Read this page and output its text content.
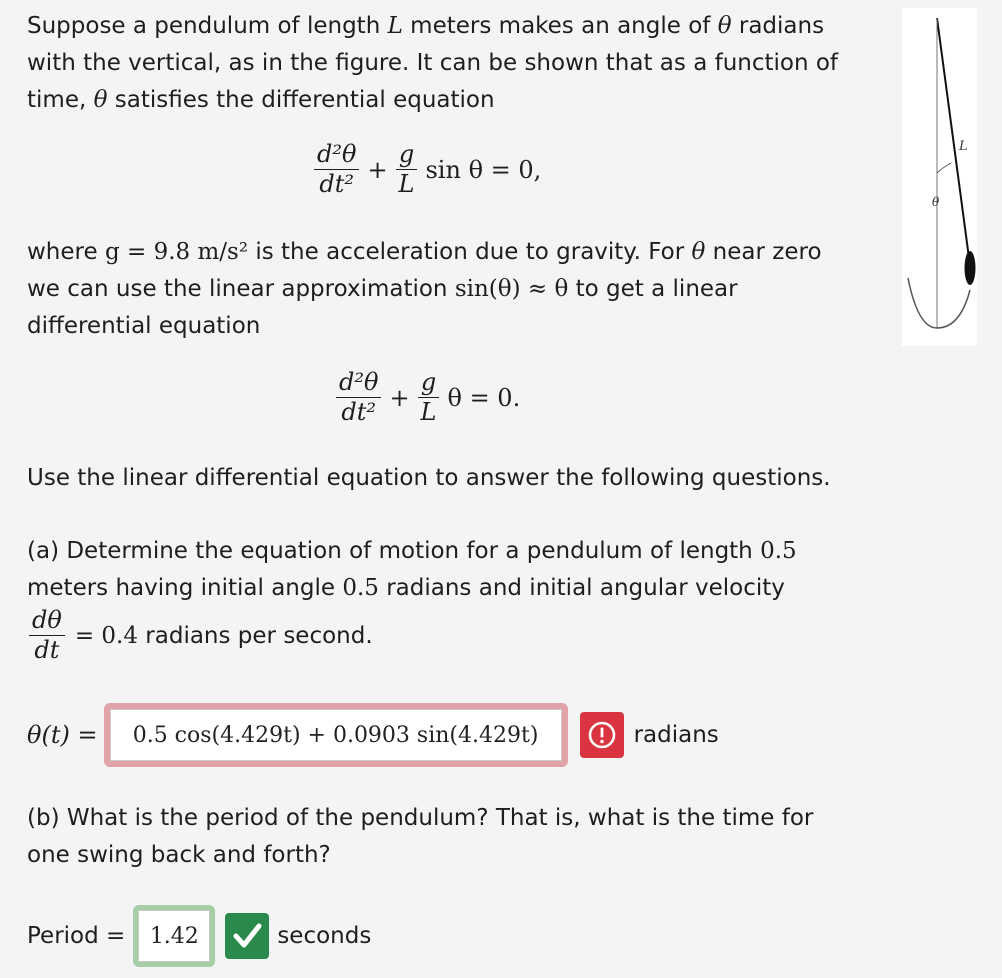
Suppose a pendulum of length L meters makes an angle of θ radians with the vertical, as in the figure. It can be shown that as a function of time, θ satisfies the differential equation

$\frac{\text{d²θ}}{\text{dt²}} + \frac{g}{L}$ sin θ = 0,

where g = 9.8 m/s² is the acceleration due to gravity. For θ near zero we can use the linear approximation sin(θ) ≈ θ to get a linear differential equation

$\frac{\text{d²θ}}{\text{dt²}} + \frac{g}{L}$ θ = 0.

Use the linear differential equation to answer the following questions.

(a) Determine the equation of motion for a pendulum of length 0.5 meters having initial angle 0.5 radians and initial angular velocity

$\frac{d\theta}{dt} = 0.4$ radians per second.
θ(t) =	0.5 cos(4.429t) + 0.0903 sin(4.429t)	radians

(b) What is the period of the pendulum? That is, what is the time for one swing back and forth?

Period =	1.42	seconds
L
θ
